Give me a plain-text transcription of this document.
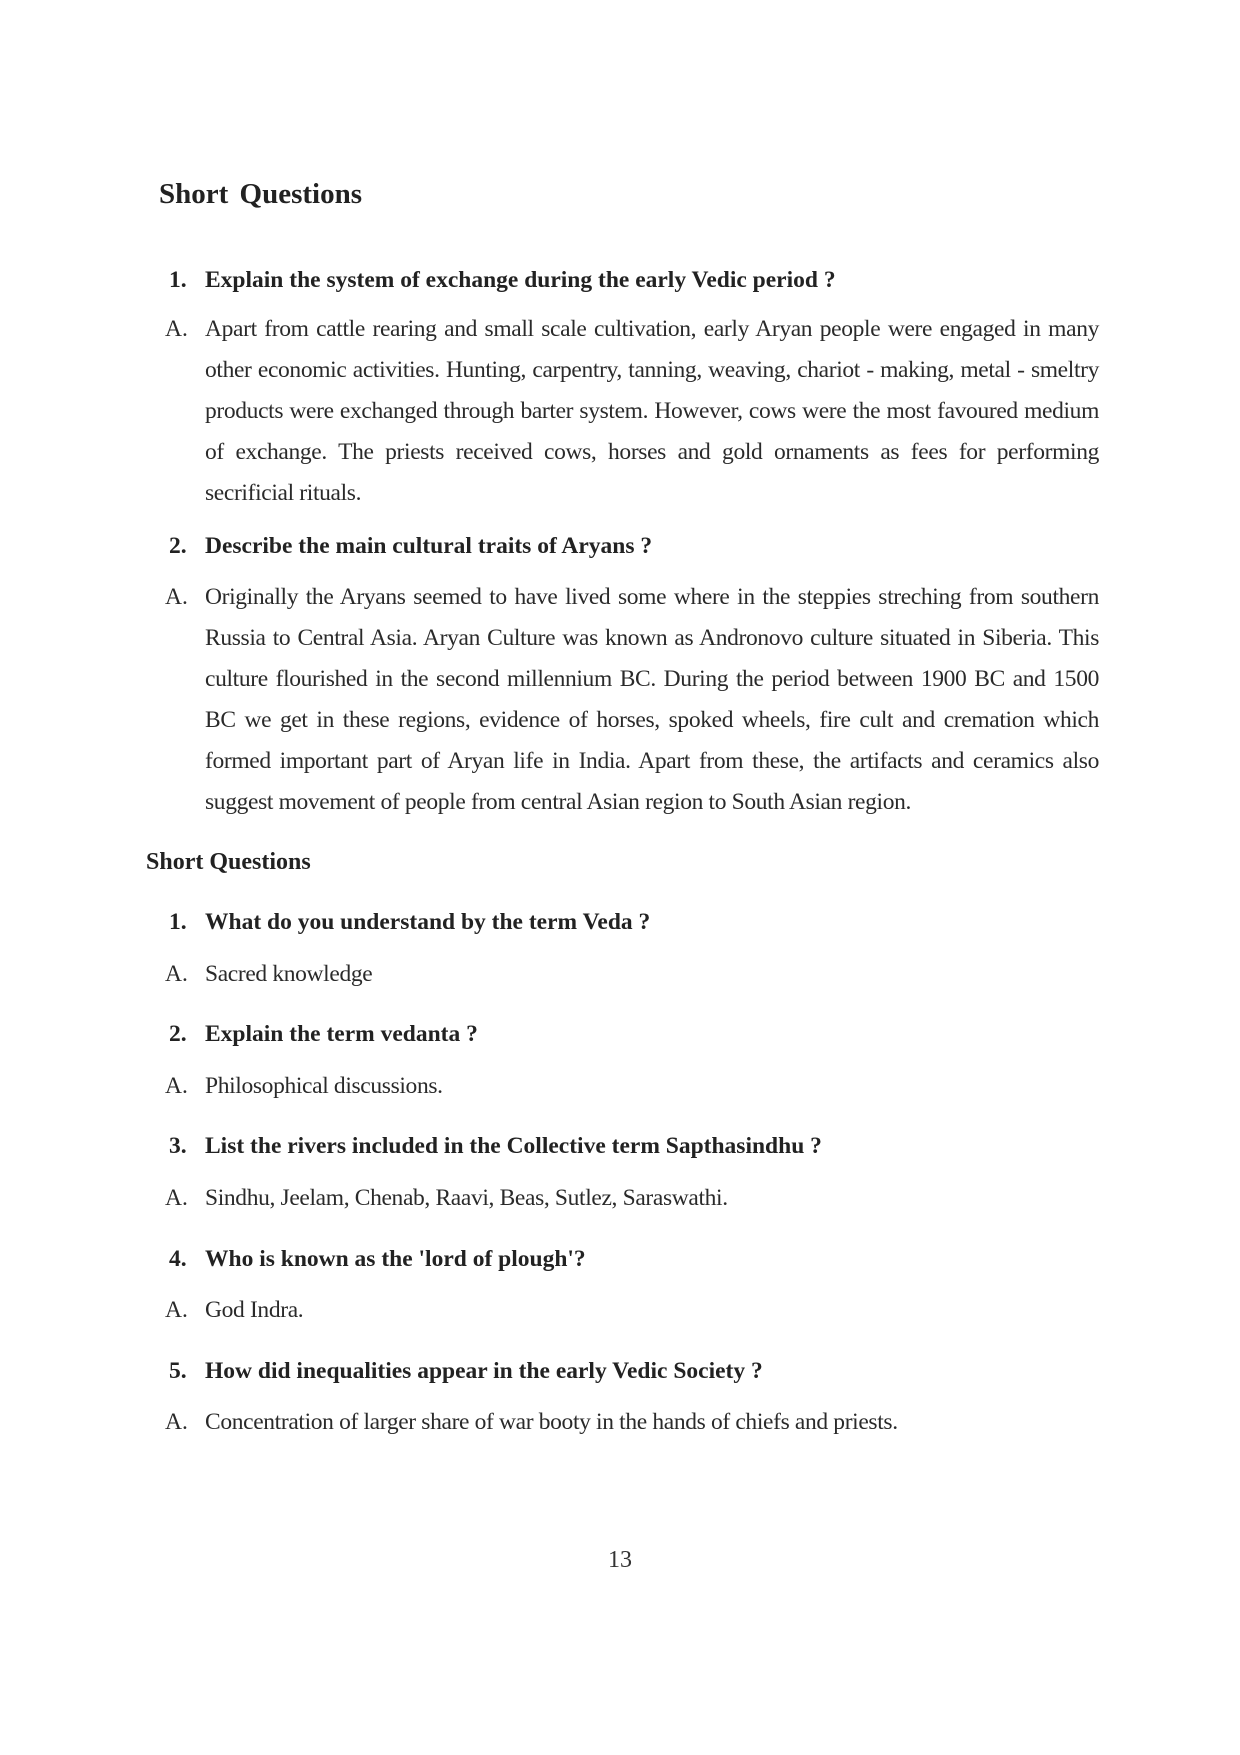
Short Questions
1. Explain the system of exchange during the early Vedic period ?
A. Apart from cattle rearing and small scale cultivation, early Aryan people were engaged in many other economic activities. Hunting, carpentry, tanning, weaving, chariot - making, metal - smeltry products were exchanged through barter system. However, cows were the most favoured medium of exchange. The priests received cows, horses and gold ornaments as fees for performing secrificial rituals.
2. Describe the main cultural traits of Aryans ?
A. Originally the Aryans seemed to have lived some where in the steppies streching from southern Russia to Central Asia. Aryan Culture was known as Andronovo culture situated in Siberia. This culture flourished in the second millennium BC. During the period between 1900 BC and 1500 BC we get in these regions, evidence of horses, spoked wheels, fire cult and cremation which formed important part of Aryan life in India. Apart from these, the artifacts and ceramics also suggest movement of people from central Asian region to South Asian region.
Short Questions
1. What do you understand by the term Veda ?
A. Sacred knowledge
2. Explain the term vedanta ?
A. Philosophical discussions.
3. List the rivers included in the Collective term Sapthasindhu ?
A. Sindhu, Jeelam, Chenab, Raavi, Beas, Sutlez, Saraswathi.
4. Who is known as the 'lord of plough'?
A. God Indra.
5. How did inequalities appear in the early Vedic Society ?
A. Concentration of larger share of war booty in the hands of chiefs and priests.
13
